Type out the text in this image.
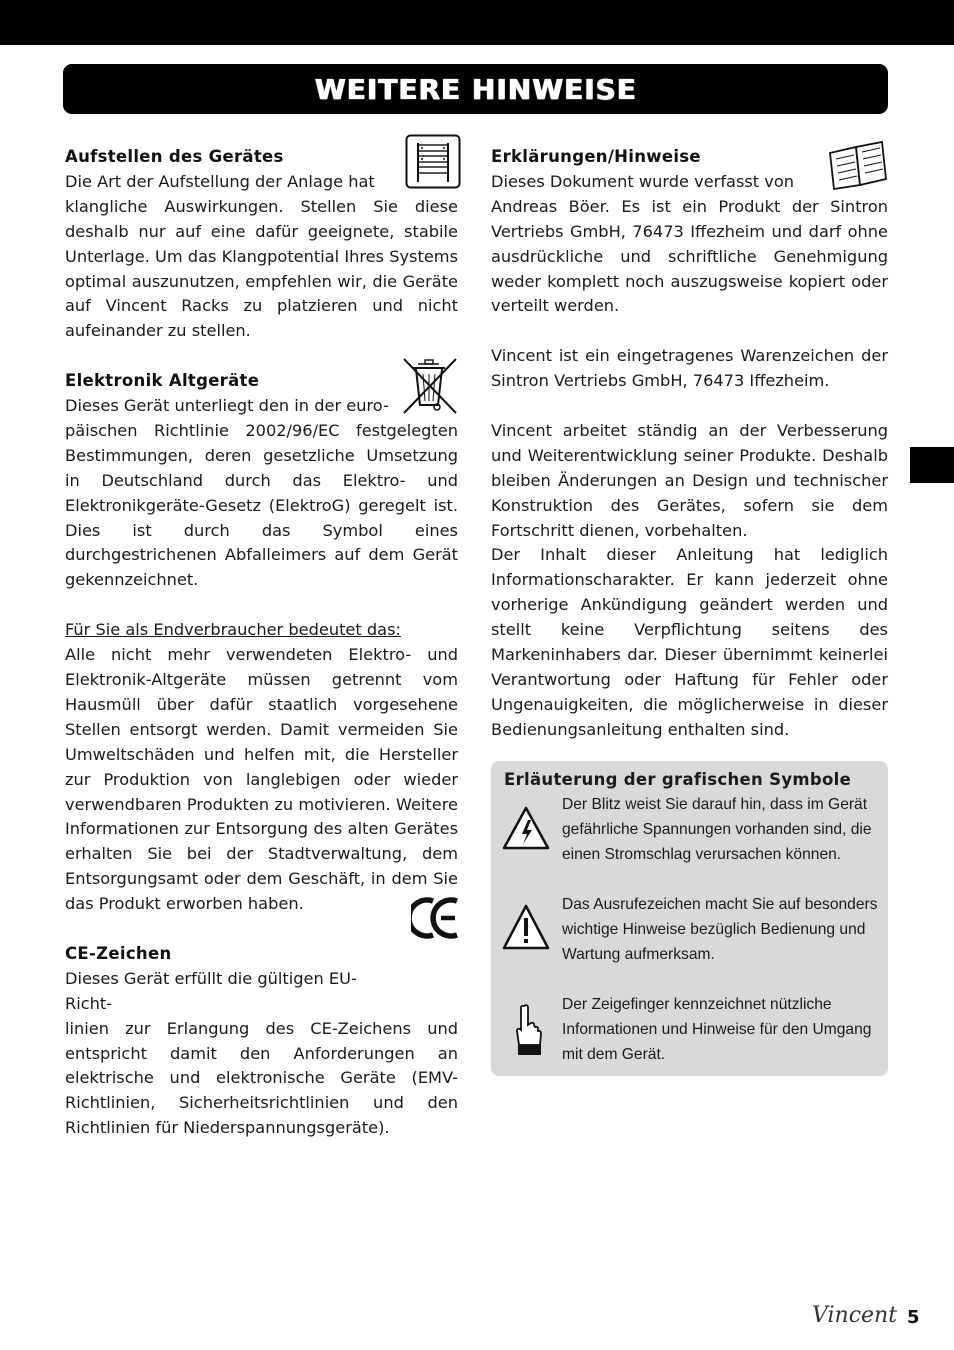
WEITERE HINWEISE
Aufstellen des Gerätes

Die Art der Aufstellung der Anlage hat

klangliche Auswirkungen. Stellen Sie diese deshalb nur auf eine dafür geeignete, stabile Unterlage. Um das Klangpotential Ihres Systems optimal auszunutzen, empfehlen wir, die Geräte auf Vincent Racks zu platzieren und nicht aufeinander zu stellen.

Elektronik Altgeräte

Dieses Gerät unterliegt den in der euro-

päischen Richtlinie 2002/96/EC festgelegten Bestimmungen, deren gesetzliche Umsetzung in Deutschland durch das Elektro- und Elektronikgeräte-Gesetz (ElektroG) geregelt ist. Dies ist durch das Symbol eines durchgestrichenen Abfalleimers auf dem Gerät gekennzeichnet.

Für Sie als Endverbraucher bedeutet das:

Alle nicht mehr verwendeten Elektro- und Elektronik-Altgeräte müssen getrennt vom Hausmüll über dafür staatlich vorgesehene Stellen entsorgt werden. Damit vermeiden Sie Umweltschäden und helfen mit, die Hersteller zur Produktion von langlebigen oder wieder verwendbaren Produkten zu motivieren. Weitere Informationen zur Entsorgung des alten Gerätes erhalten Sie bei der Stadtverwaltung, dem Entsorgungsamt oder dem Geschäft, in dem Sie das Produkt erworben haben.

CE-Zeichen

Dieses Gerät erfüllt die gültigen EU-Richt-

linien zur Erlangung des CE-Zeichens und entspricht damit den Anforderungen an elektrische und elektronische Geräte (EMV-Richtlinien, Sicherheitsrichtlinien und den Richtlinien für Niederspannungsgeräte).

Erklärungen/Hinweise

Dieses Dokument wurde verfasst von

Andreas Böer. Es ist ein Produkt der Sintron Vertriebs GmbH, 76473 Iffezheim und darf ohne ausdrückliche und schriftliche Genehmigung weder komplett noch auszugsweise kopiert oder verteilt werden.

Vincent ist ein eingetragenes Warenzeichen der Sintron Vertriebs GmbH, 76473 Iffezheim.

Vincent arbeitet ständig an der Verbesserung und Weiterentwicklung seiner Produkte. Deshalb bleiben Änderungen an Design und technischer Konstruktion des Gerätes, sofern sie dem Fortschritt dienen, vorbehalten.

Der Inhalt dieser Anleitung hat lediglich Informationscharakter. Er kann jederzeit ohne vorherige Ankündigung geändert werden und stellt keine Verpflichtung seitens des Markeninhabers dar. Dieser übernimmt keinerlei Verantwortung oder Haftung für Fehler oder Ungenauigkeiten, die möglicherweise in dieser Bedienungsanleitung enthalten sind.

Erläuterung der grafischen Symbole
Der Blitz weist Sie darauf hin, dass im Gerät gefährliche Spannungen vorhanden sind, die einen Stromschlag verursachen können.
Das Ausrufezeichen macht Sie auf besonders wichtige Hinweise bezüglich Bedienung und Wartung aufmerksam.
Der Zeigefinger kennzeichnet nützliche Informationen und Hinweise für den Umgang mit dem Gerät.
Vincent 5
